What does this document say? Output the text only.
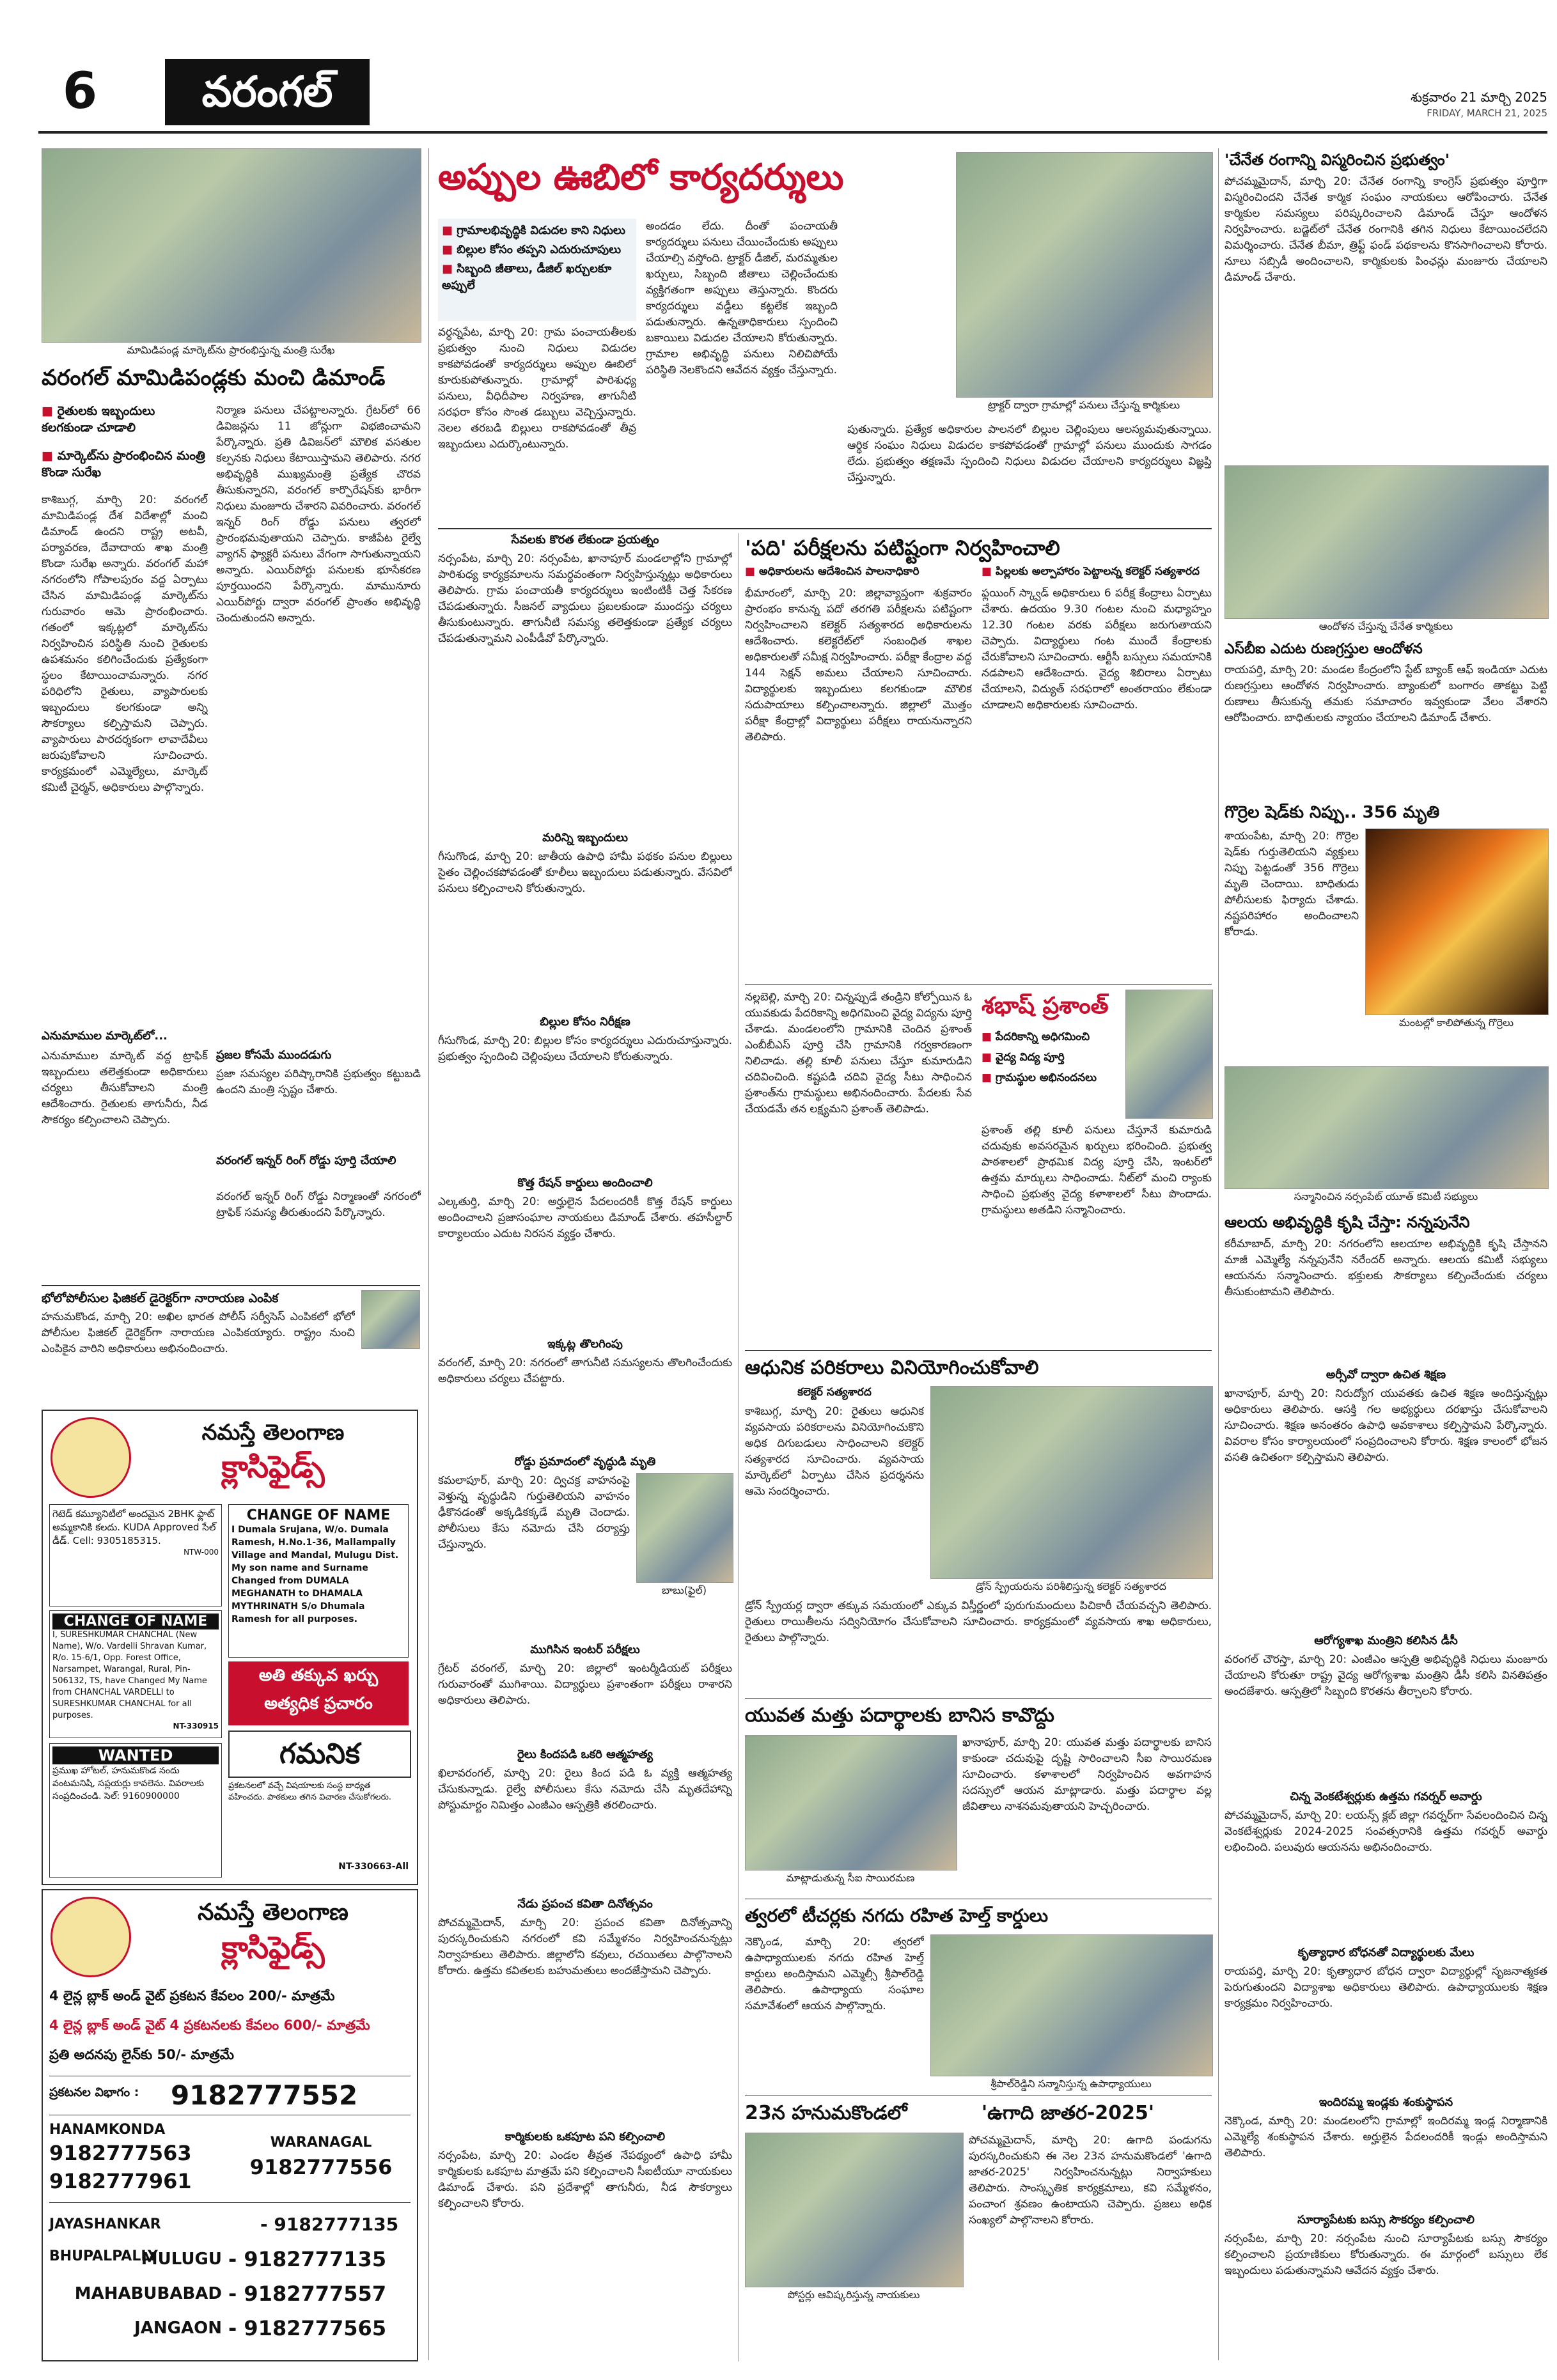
6	వరంగల్	శుక్రవారం 21 మార్చి 2025
FRIDAY, MARCH 21, 2025
మామిడిపండ్ల మార్కెట్‌ను ప్రారంభిస్తున్న మంత్రి సురేఖ
వరంగల్‌ మామిడిపండ్లకు మంచి డిమాండ్‌
■ రైతులకు ఇబ్బందులు కలగకుండా చూడాలి
■ మార్కెట్‌ను ప్రారంభించిన మంత్రి కొండా సురేఖ
కాశిబుగ్గ, మార్చి 20: వరంగల్‌ మామిడిపండ్ల దేశ విదేశాల్లో మంచి డిమాండ్‌ ఉందని రాష్ట్ర అటవీ, పర్యావరణ, దేవాదాయ శాఖ మంత్రి కొండా సురేఖ అన్నారు. వరంగల్‌ మహా నగరంలోని గోపాలపురం వద్ద ఏర్పాటు చేసిన మామిడిపండ్ల మార్కెట్‌ను గురువారం ఆమె ప్రారంభించారు. గతంలో ఇక్కట్లలో మార్కెట్‌ను నిర్వహించిన పరిస్థితి నుంచి రైతులకు ఉపశమనం కలిగించేందుకు ప్రత్యేకంగా స్థలం కేటాయించామన్నారు. నగర పరిధిలోని రైతులు, వ్యాపారులకు ఇబ్బందులు కలగకుండా అన్ని సౌకర్యాలు కల్పిస్తామని చెప్పారు. వ్యాపారులు పారదర్శకంగా లావాదేవీలు జరుపుకోవాలని సూచించారు. కార్యక్రమంలో ఎమ్మెల్యేలు, మార్కెట్‌ కమిటీ చైర్మన్‌, అధికారులు పాల్గొన్నారు.
ఎనుమాముల మార్కెట్‌లో...
ఎనుమాముల మార్కెట్‌ వద్ద ట్రాఫిక్‌ ఇబ్బందులు తలెత్తకుండా అధికారులు చర్యలు తీసుకోవాలని మంత్రి ఆదేశించారు. రైతులకు తాగునీరు, నీడ సౌకర్యం కల్పించాలని చెప్పారు.
నిర్మాణ పనులు చేపట్టాలన్నారు. గ్రేటర్‌లో 66 డివిజన్లను 11 జోన్లుగా విభజించామని పేర్కొన్నారు. ప్రతి డివిజన్‌లో మౌలిక వసతుల కల్పనకు నిధులు కేటాయిస్తామని తెలిపారు. నగర అభివృద్ధికి ముఖ్యమంత్రి ప్రత్యేక చొరవ తీసుకున్నారని, వరంగల్‌ కార్పొరేషన్‌కు భారీగా నిధులు మంజూరు చేశారని వివరించారు. వరంగల్‌ ఇన్నర్‌ రింగ్‌ రోడ్డు పనులు త్వరలో ప్రారంభమవుతాయని చెప్పారు. కాజీపేట రైల్వే వ్యాగన్‌ ఫ్యాక్టరీ పనులు వేగంగా సాగుతున్నాయని అన్నారు. ఎయిర్‌పోర్టు పనులకు భూసేకరణ పూర్తయిందని పేర్కొన్నారు. మామునూరు ఎయిర్‌పోర్టు ద్వారా వరంగల్‌ ప్రాంతం అభివృద్ధి చెందుతుందని అన్నారు.
ప్రజల కోసమే ముందడుగు
ప్రజా సమస్యల పరిష్కారానికి ప్రభుత్వం కట్టుబడి ఉందని మంత్రి స్పష్టం చేశారు.
వరంగల్‌ ఇన్నర్‌ రింగ్‌ రోడ్డు పూర్తి చేయాలి
వరంగల్‌ ఇన్నర్‌ రింగ్‌ రోడ్డు నిర్మాణంతో నగరంలో ట్రాఫిక్‌ సమస్య తీరుతుందని పేర్కొన్నారు.
భోలోపోలీసుల ఫిజికల్‌ డైరెక్టర్‌గా నారాయణ ఎంపిక
హనుమకొండ, మార్చి 20: అఖిల భారత పోలీస్‌ సర్వీసెస్‌ ఎంపికలో భోలో పోలీసుల ఫిజికల్‌ డైరెక్టర్‌గా నారాయణ ఎంపికయ్యారు. రాష్ట్రం నుంచి ఎంపికైన వారిని అధికారులు అభినందించారు.
నమస్తే తెలంగాణ
క్లాసిఫైడ్స్‌
గెటెడ్‌ కమ్యూనిటీలో అందమైన 2BHK ఫ్లాట్‌ అమ్మకానికి కలదు. KUDA Approved సేల్‌ డీడ్‌. Cell: 9305185315.
NTW-000
CHANGE OF NAME
I Dumala Srujana, W/o. Dumala Ramesh, H.No.1-36, Mallampally Village and Mandal, Mulugu Dist. My son name and Surname Changed from DUMALA MEGHANATH to DHAMALA MYTHRINATH S/o Dhumala Ramesh for all purposes.
CHANGE OF NAME
I, SURESHKUMAR CHANCHAL (New Name), W/o. Vardelli Shravan Kumar, R/o. 15-6/1, Opp. Forest Office, Narsampet, Warangal, Rural, Pin-506132, TS, have Changed My Name from CHANCHAL VARDELLI to SURESHKUMAR CHANCHAL for all purposes.
NT-330915
అతి తక్కువ ఖర్చు
అత్యధిక ప్రచారం
గమనిక
WANTED
ప్రముఖ హోటల్‌, హనుమకొండ నందు వంటమనిషి, సప్లయర్లు కావలెను. వివరాలకు సంప్రదించండి. సెల్‌: 9160900000
ప్రకటనలలో వచ్చే విషయాలకు సంస్థ బాధ్యత వహించదు. పాఠకులు తగిన విచారణ చేసుకోగలరు.
NT-330663-All
నమస్తే తెలంగాణ
క్లాసిఫైడ్స్‌
4 లైన్ల బ్లాక్‌ అండ్‌ వైట్‌ ప్రకటన కేవలం 200/- మాత్రమే
4 లైన్ల బ్లాక్‌ అండ్‌ వైట్‌ 4 ప్రకటనలకు కేవలం 600/- మాత్రమే
ప్రతి అదనపు లైన్‌కు 50/- మాత్రమే
ప్రకటనల విభాగం :	9182777552
HANAMKONDA
9182777563
9182777961
WARANAGAL
9182777556
JAYASHANKAR BHUPALPALLY
- 9182777135
MULUGU - 9182777135
MAHABUBABAD - 9182777557
JANGAON - 9182777565
అప్పుల ఊబిలో కార్యదర్శులు
■ గ్రామాలభివృద్ధికి విడుదల కాని నిధులు
■ బిల్లుల కోసం తప్పని ఎదురుచూపులు
■ సిబ్బంది జీతాలు, డీజిల్‌ ఖర్చులకూ అప్పులే
వర్ధన్నపేట, మార్చి 20: గ్రామ పంచాయతీలకు ప్రభుత్వం నుంచి నిధులు విడుదల కాకపోవడంతో కార్యదర్శులు అప్పుల ఊబిలో కూరుకుపోతున్నారు. గ్రామాల్లో పారిశుధ్య పనులు, వీధిదీపాల నిర్వహణ, తాగునీటి సరఫరా కోసం సొంత డబ్బులు వెచ్చిస్తున్నారు. నెలల తరబడి బిల్లులు రాకపోవడంతో తీవ్ర ఇబ్బందులు ఎదుర్కొంటున్నారు.
అందడం లేదు. దీంతో పంచాయతీ కార్యదర్శులు పనులు చేయించేందుకు అప్పులు చేయాల్సి వస్తోంది. ట్రాక్టర్‌ డీజిల్‌, మరమ్మతుల ఖర్చులు, సిబ్బంది జీతాలు చెల్లించేందుకు వ్యక్తిగతంగా అప్పులు తెస్తున్నారు. కొందరు కార్యదర్శులు వడ్డీలు కట్టలేక ఇబ్బంది పడుతున్నారు. ఉన్నతాధికారులు స్పందించి బకాయిలు విడుదల చేయాలని కోరుతున్నారు. గ్రామాల అభివృద్ధి పనులు నిలిచిపోయే పరిస్థితి నెలకొందని ఆవేదన వ్యక్తం చేస్తున్నారు.
ట్రాక్టర్‌ ద్వారా గ్రామాల్లో పనులు చేస్తున్న కార్మికులు
పుతున్నారు. ప్రత్యేక అధికారుల పాలనలో బిల్లుల చెల్లింపులు ఆలస్యమవుతున్నాయి. ఆర్థిక సంఘం నిధులు విడుదల కాకపోవడంతో గ్రామాల్లో పనులు ముందుకు సాగడం లేదు. ప్రభుత్వం తక్షణమే స్పందించి నిధులు విడుదల చేయాలని కార్యదర్శులు విజ్ఞప్తి చేస్తున్నారు.
సేవలకు కొరత లేకుండా ప్రయత్నం
నర్సంపేట, మార్చి 20: నర్సంపేట, ఖానాపూర్‌ మండలాల్లోని గ్రామాల్లో పారిశుధ్య కార్యక్రమాలను సమర్థవంతంగా నిర్వహిస్తున్నట్లు అధికారులు తెలిపారు. గ్రామ పంచాయతీ కార్యదర్శులు ఇంటింటికీ చెత్త సేకరణ చేపడుతున్నారు. సీజనల్‌ వ్యాధులు ప్రబలకుండా ముందస్తు చర్యలు తీసుకుంటున్నారు. తాగునీటి సమస్య తలెత్తకుండా ప్రత్యేక చర్యలు చేపడుతున్నామని ఎంపీడీవో పేర్కొన్నారు.
మరిన్ని ఇబ్బందులు
గీసుగొండ, మార్చి 20: జాతీయ ఉపాధి హామీ పథకం పనుల బిల్లులు సైతం చెల్లించకపోవడంతో కూలీలు ఇబ్బందులు పడుతున్నారు. వేసవిలో పనులు కల్పించాలని కోరుతున్నారు.
బిల్లుల కోసం నిరీక్షణ
గీసుగొండ, మార్చి 20: బిల్లుల కోసం కార్యదర్శులు ఎదురుచూస్తున్నారు. ప్రభుత్వం స్పందించి చెల్లింపులు చేయాలని కోరుతున్నారు.
కొత్త రేషన్‌ కార్డులు అందించాలి
ఎల్కతుర్తి, మార్చి 20: అర్హులైన పేదలందరికీ కొత్త రేషన్‌ కార్డులు అందించాలని ప్రజాసంఘాల నాయకులు డిమాండ్‌ చేశారు. తహసీల్దార్‌ కార్యాలయం ఎదుట నిరసన వ్యక్తం చేశారు.
ఇక్కట్ల తొలగింపు
వరంగల్‌, మార్చి 20: నగరంలో తాగునీటి సమస్యలను తొలగించేందుకు అధికారులు చర్యలు చేపట్టారు.
రోడ్డు ప్రమాదంలో వృద్ధుడి మృతి
కమలాపూర్‌, మార్చి 20: ద్విచక్ర వాహనంపై వెళ్తున్న వృద్ధుడిని గుర్తుతెలియని వాహనం ఢీకొనడంతో అక్కడికక్కడే మృతి చెందాడు. పోలీసులు కేసు నమోదు చేసి దర్యాప్తు చేస్తున్నారు.
బాబు(ఫైల్‌)
ముగిసిన ఇంటర్‌ పరీక్షలు
గ్రేటర్‌ వరంగల్‌, మార్చి 20: జిల్లాలో ఇంటర్మీడియట్‌ పరీక్షలు గురువారంతో ముగిశాయి. విద్యార్థులు ప్రశాంతంగా పరీక్షలు రాశారని అధికారులు తెలిపారు.
రైలు కిందపడి ఒకరి ఆత్మహత్య
ఖిలావరంగల్‌, మార్చి 20: రైలు కింద పడి ఓ వ్యక్తి ఆత్మహత్య చేసుకున్నాడు. రైల్వే పోలీసులు కేసు నమోదు చేసి మృతదేహాన్ని పోస్టుమార్టం నిమిత్తం ఎంజీఎం ఆస్పత్రికి తరలించారు.
నేడు ప్రపంచ కవితా దినోత్సవం
పోచమ్మమైదాన్‌, మార్చి 20: ప్రపంచ కవితా దినోత్సవాన్ని పురస్కరించుకుని నగరంలో కవి సమ్మేళనం నిర్వహించనున్నట్లు నిర్వాహకులు తెలిపారు. జిల్లాలోని కవులు, రచయితలు పాల్గొనాలని కోరారు. ఉత్తమ కవితలకు బహుమతులు అందజేస్తామని చెప్పారు.
కార్మికులకు ఒకపూట పని కల్పించాలి
నర్సంపేట, మార్చి 20: ఎండల తీవ్రత నేపథ్యంలో ఉపాధి హామీ కార్మికులకు ఒకపూట మాత్రమే పని కల్పించాలని సీఐటీయూ నాయకులు డిమాండ్‌ చేశారు. పని ప్రదేశాల్లో తాగునీరు, నీడ సౌకర్యాలు కల్పించాలని కోరారు.
'పది' పరీక్షలను పటిష్టంగా నిర్వహించాలి
■ అధికారులను ఆదేశించిన పాలనాధికారి
■	పిల్లలకు అల్పాహారం పెట్టాలన్న కలెక్టర్‌ సత్యశారద
భీమారంలో, మార్చి 20: జిల్లావ్యాప్తంగా శుక్రవారం ప్రారంభం కానున్న పదో తరగతి పరీక్షలను పటిష్టంగా నిర్వహించాలని కలెక్టర్‌ సత్యశారద అధికారులను ఆదేశించారు. కలెక్టరేట్‌లో సంబంధిత శాఖల అధికారులతో సమీక్ష నిర్వహించారు. పరీక్షా కేంద్రాల వద్ద 144 సెక్షన్‌ అమలు చేయాలని సూచించారు. విద్యార్థులకు ఇబ్బందులు కలగకుండా మౌలిక సదుపాయాలు కల్పించాలన్నారు. జిల్లాలో మొత్తం పరీక్షా కేంద్రాల్లో విద్యార్థులు పరీక్షలు రాయనున్నారని తెలిపారు.
ఫ్లయింగ్‌ స్క్వాడ్‌ అధికారులు 6 పరీక్ష కేంద్రాలు ఏర్పాటు చేశారు. ఉదయం 9.30 గంటల నుంచి మధ్యాహ్నం 12.30 గంటల వరకు పరీక్షలు జరుగుతాయని చెప్పారు. విద్యార్థులు గంట ముందే కేంద్రాలకు చేరుకోవాలని సూచించారు. ఆర్టీసీ బస్సులు సమయానికి నడపాలని ఆదేశించారు. వైద్య శిబిరాలు ఏర్పాటు చేయాలని, విద్యుత్‌ సరఫరాలో అంతరాయం లేకుండా చూడాలని అధికారులకు సూచించారు.
నల్లబెల్లి, మార్చి 20: చిన్నప్పుడే తండ్రిని కోల్పోయిన ఓ యువకుడు పేదరికాన్ని అధిగమించి వైద్య విద్యను పూర్తి చేశాడు. మండలంలోని గ్రామానికి చెందిన ప్రశాంత్‌ ఎంబీబీఎస్‌ పూర్తి చేసి గ్రామానికి గర్వకారణంగా నిలిచాడు. తల్లి కూలీ పనులు చేస్తూ కుమారుడిని చదివించింది. కష్టపడి చదివి వైద్య సీటు సాధించిన ప్రశాంత్‌ను గ్రామస్థులు అభినందించారు. పేదలకు సేవ చేయడమే తన లక్ష్యమని ప్రశాంత్‌ తెలిపాడు.
శభాష్‌ ప్రశాంత్‌
■ పేదరికాన్ని అధిగమించి
■ వైద్య విద్య పూర్తి
■ గ్రామస్థుల అభినందనలు
ప్రశాంత్‌ తల్లి కూలీ పనులు చేస్తూనే కుమారుడి చదువుకు అవసరమైన ఖర్చులు భరించింది. ప్రభుత్వ పాఠశాలలో ప్రాథమిక విద్య పూర్తి చేసి, ఇంటర్‌లో ఉత్తమ మార్కులు సాధించాడు. నీట్‌లో మంచి ర్యాంకు సాధించి ప్రభుత్వ వైద్య కళాశాలలో సీటు పొందాడు. గ్రామస్థులు అతడిని సన్మానించారు.
ఆధునిక పరికరాలు వినియోగించుకోవాలి
కలెక్టర్‌ సత్యశారద
కాశిబుగ్గ, మార్చి 20: రైతులు ఆధునిక వ్యవసాయ పరికరాలను వినియోగించుకొని అధిక దిగుబడులు సాధించాలని కలెక్టర్‌ సత్యశారద సూచించారు. వ్యవసాయ మార్కెట్‌లో ఏర్పాటు చేసిన ప్రదర్శనను ఆమె సందర్శించారు.
డ్రోన్‌ స్ప్రేయరును పరిశీలిస్తున్న కలెక్టర్‌ సత్యశారద
డ్రోన్‌ స్ప్రేయర్ల ద్వారా తక్కువ సమయంలో ఎక్కువ విస్తీర్ణంలో పురుగుమందులు పిచికారీ చేయవచ్చని తెలిపారు. రైతులు రాయితీలను సద్వినియోగం చేసుకోవాలని సూచించారు. కార్యక్రమంలో వ్యవసాయ శాఖ అధికారులు, రైతులు పాల్గొన్నారు.
యువత మత్తు పదార్థాలకు బానిస కావొద్దు
మాట్లాడుతున్న సీఐ సాయిరమణ
ఖానాపూర్‌, మార్చి 20: యువత మత్తు పదార్థాలకు బానిస కాకుండా చదువుపై దృష్టి సారించాలని సీఐ సాయిరమణ సూచించారు. కళాశాలలో నిర్వహించిన అవగాహన సదస్సులో ఆయన మాట్లాడారు. మత్తు పదార్థాల వల్ల జీవితాలు నాశనమవుతాయని హెచ్చరించారు.
త్వరలో టీచర్లకు నగదు రహిత హెల్త్‌ కార్డులు
నెక్కొండ, మార్చి 20: త్వరలో ఉపాధ్యాయులకు నగదు రహిత హెల్త్‌ కార్డులు అందిస్తామని ఎమ్మెల్సీ శ్రీపాల్‌రెడ్డి తెలిపారు. ఉపాధ్యాయ సంఘాల సమావేశంలో ఆయన పాల్గొన్నారు.
శ్రీపాల్‌రెడ్డిని సన్మానిస్తున్న ఉపాధ్యాయులు
23న హనుమకొండలో
పోస్టర్లు ఆవిష్కరిస్తున్న నాయకులు
'ఉగాది జాతర-2025'
పోచమ్మమైదాన్‌, మార్చి 20: ఉగాది పండుగను పురస్కరించుకుని ఈ నెల 23న హనుమకొండలో 'ఉగాది జాతర-2025' నిర్వహించనున్నట్లు నిర్వాహకులు తెలిపారు. సాంస్కృతిక కార్యక్రమాలు, కవి సమ్మేళనం, పంచాంగ శ్రవణం ఉంటాయని చెప్పారు. ప్రజలు అధిక సంఖ్యలో పాల్గొనాలని కోరారు.
'చేనేత రంగాన్ని విస్మరించిన ప్రభుత్వం'
పోచమ్మమైదాన్‌, మార్చి 20: చేనేత రంగాన్ని కాంగ్రెస్‌ ప్రభుత్వం పూర్తిగా విస్మరించిందని చేనేత కార్మిక సంఘం నాయకులు ఆరోపించారు. చేనేత కార్మికుల సమస్యలు పరిష్కరించాలని డిమాండ్‌ చేస్తూ ఆందోళన నిర్వహించారు. బడ్జెట్‌లో చేనేత రంగానికి తగిన నిధులు కేటాయించలేదని విమర్శించారు. చేనేత బీమా, త్రిఫ్ట్‌ ఫండ్‌ పథకాలను కొనసాగించాలని కోరారు. నూలు సబ్సిడీ అందించాలని, కార్మికులకు పింఛన్లు మంజూరు చేయాలని డిమాండ్‌ చేశారు.
ఆందోళన చేస్తున్న చేనేత కార్మికులు
ఎస్‌బీఐ ఎదుట రుణగ్రస్తుల ఆందోళన
రాయపర్తి, మార్చి 20: మండల కేంద్రంలోని స్టేట్‌ బ్యాంక్‌ ఆఫ్‌ ఇండియా ఎదుట రుణగ్రస్తులు ఆందోళన నిర్వహించారు. బ్యాంకులో బంగారం తాకట్టు పెట్టి రుణాలు తీసుకున్న తమకు సమాచారం ఇవ్వకుండా వేలం వేశారని ఆరోపించారు. బాధితులకు న్యాయం చేయాలని డిమాండ్‌ చేశారు.
గొర్రెల షెడ్‌కు నిప్పు.. 356 మృతి
శాయంపేట, మార్చి 20: గొర్రెల షెడ్‌కు గుర్తుతెలియని వ్యక్తులు నిప్పు పెట్టడంతో 356 గొర్రెలు మృతి చెందాయి. బాధితుడు పోలీసులకు ఫిర్యాదు చేశాడు. నష్టపరిహారం అందించాలని కోరాడు.
మంటల్లో కాలిపోతున్న గొర్రెలు
సన్మానించిన నర్సంపేట్‌ యూత్‌ కమిటీ సభ్యులు
ఆలయ అభివృద్ధికి కృషి చేస్తా: నన్నపునేని
కరీమాబాద్‌, మార్చి 20: నగరంలోని ఆలయాల అభివృద్ధికి కృషి చేస్తానని మాజీ ఎమ్మెల్యే నన్నపునేని నరేందర్‌ అన్నారు. ఆలయ కమిటీ సభ్యులు ఆయనను సన్మానించారు. భక్తులకు సౌకర్యాలు కల్పించేందుకు చర్యలు తీసుకుంటామని తెలిపారు.
అర్సీవో ద్వారా ఉచిత శిక్షణ
ఖానాపూర్‌, మార్చి 20: నిరుద్యోగ యువతకు ఉచిత శిక్షణ అందిస్తున్నట్లు అధికారులు తెలిపారు. ఆసక్తి గల అభ్యర్థులు దరఖాస్తు చేసుకోవాలని సూచించారు. శిక్షణ అనంతరం ఉపాధి అవకాశాలు కల్పిస్తామని పేర్కొన్నారు. వివరాల కోసం కార్యాలయంలో సంప్రదించాలని కోరారు. శిక్షణ కాలంలో భోజన వసతి ఉచితంగా కల్పిస్తామని తెలిపారు.
ఆరోగ్యశాఖ మంత్రిని కలిసిన డీసీ
వరంగల్‌ చౌరస్తా, మార్చి 20: ఎంజీఎం ఆస్పత్రి అభివృద్ధికి నిధులు మంజూరు చేయాలని కోరుతూ రాష్ట్ర వైద్య ఆరోగ్యశాఖ మంత్రిని డీసీ కలిసి వినతిపత్రం అందజేశారు. ఆస్పత్రిలో సిబ్బంది కొరతను తీర్చాలని కోరారు.
చిన్న వెంకటేశ్వర్లుకు ఉత్తమ గవర్నర్‌ అవార్డు
పోచమ్మమైదాన్‌, మార్చి 20: లయన్స్‌ క్లబ్‌ జిల్లా గవర్నర్‌గా సేవలందించిన చిన్న వెంకటేశ్వర్లుకు 2024-2025 సంవత్సరానికి ఉత్తమ గవర్నర్‌ అవార్డు లభించింది. పలువురు ఆయనను అభినందించారు.
కృత్యాధార బోధనతో విద్యార్థులకు మేలు
రాయపర్తి, మార్చి 20: కృత్యాధార బోధన ద్వారా విద్యార్థుల్లో సృజనాత్మకత పెరుగుతుందని విద్యాశాఖ అధికారులు తెలిపారు. ఉపాధ్యాయులకు శిక్షణ కార్యక్రమం నిర్వహించారు.
ఇందిరమ్మ ఇండ్లకు శంకుస్థాపన
నెక్కొండ, మార్చి 20: మండలంలోని గ్రామాల్లో ఇందిరమ్మ ఇండ్ల నిర్మాణానికి ఎమ్మెల్యే శంకుస్థాపన చేశారు. అర్హులైన పేదలందరికీ ఇండ్లు అందిస్తామని తెలిపారు.
సూర్యాపేటకు బస్సు సౌకర్యం కల్పించాలి
నర్సంపేట, మార్చి 20: నర్సంపేట నుంచి సూర్యాపేటకు బస్సు సౌకర్యం కల్పించాలని ప్రయాణికులు కోరుతున్నారు. ఈ మార్గంలో బస్సులు లేక ఇబ్బందులు పడుతున్నామని ఆవేదన వ్యక్తం చేశారు.
